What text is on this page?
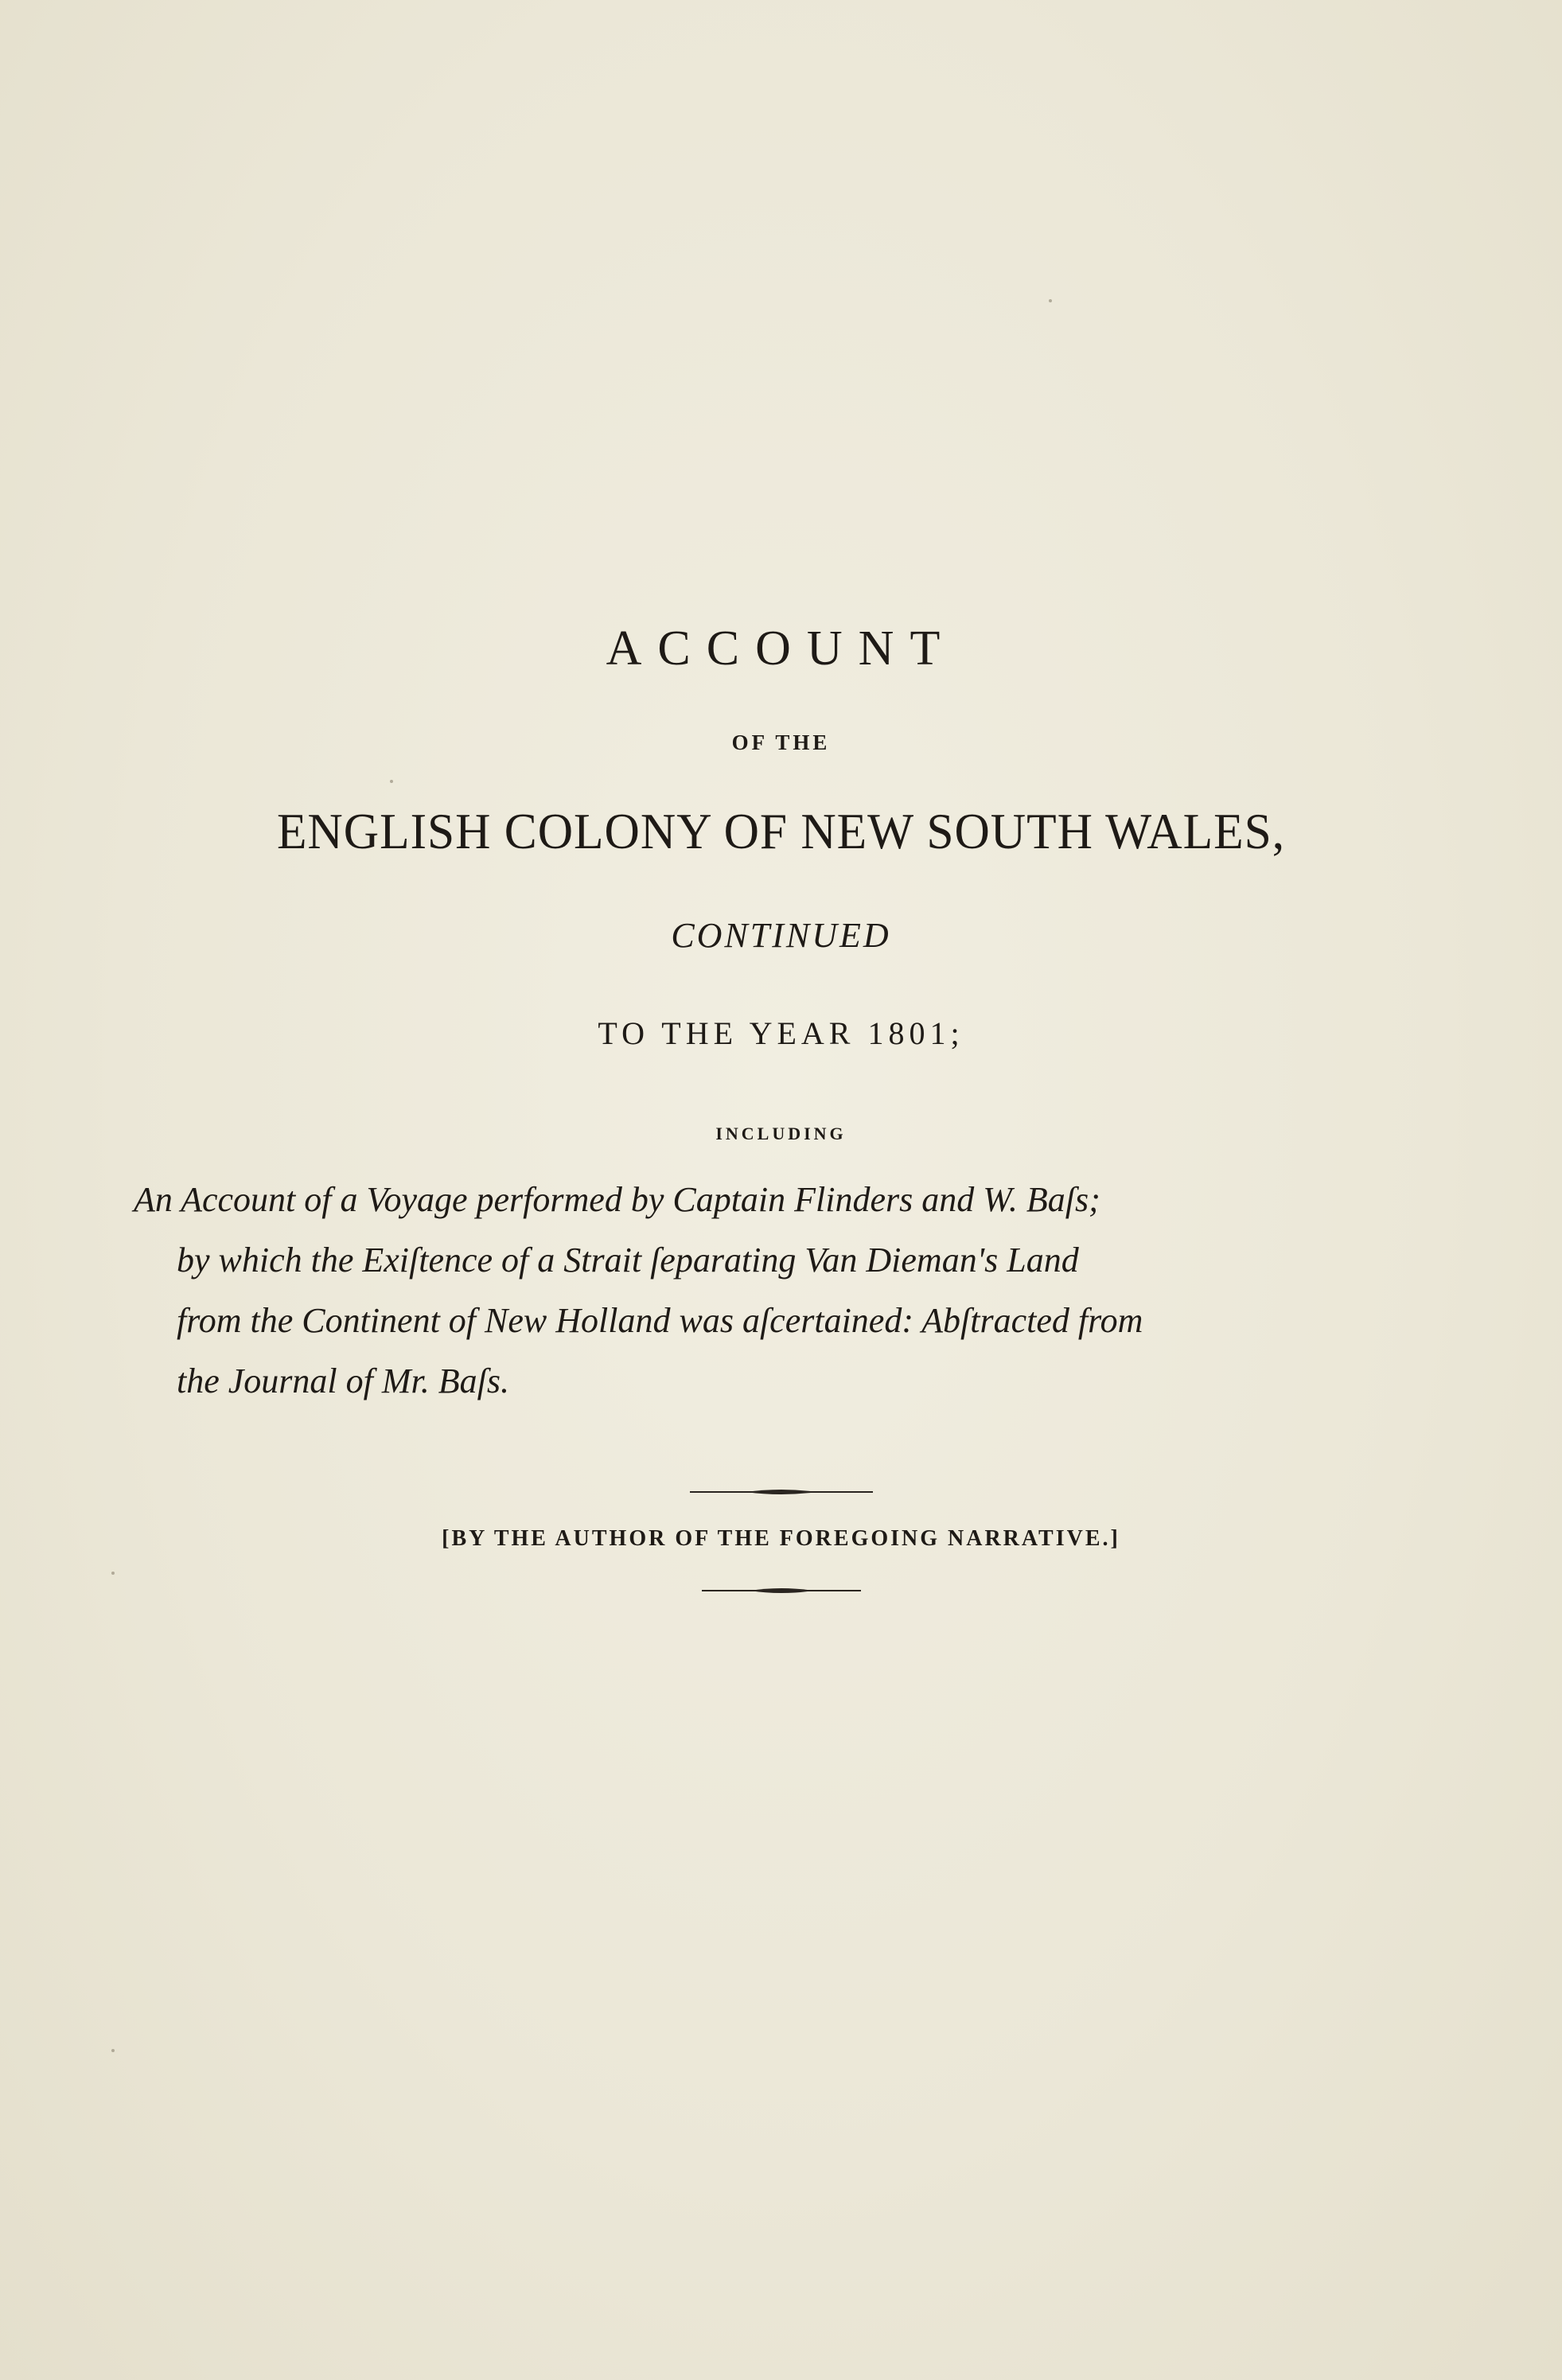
ACCOUNT
OF THE
ENGLISH COLONY OF NEW SOUTH WALES,
CONTINUED
TO THE YEAR 1801;
INCLUDING
An Account of a Voyage performed by Captain Flinders and W. Baſs;
by which the Exiſtence of a Strait ſeparating Van Dieman's Land
from the Continent of New Holland was aſcertained: Abſtracted from
the Journal of Mr. Baſs.
[BY THE AUTHOR OF THE FOREGOING NARRATIVE.]
